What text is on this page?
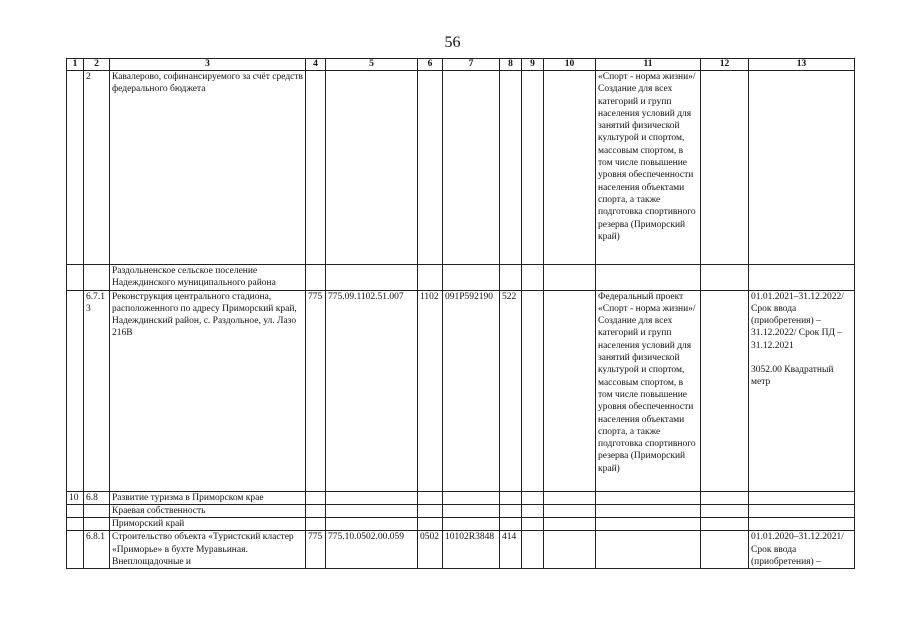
56
1	2	3	4	5	6	7	8	9	10	11	12	13
	2	Кавалерово, софинансируемого за счёт средств федерального бюджета								«Спорт - норма жизни»/Создание для всех категорий и групп населения условий для занятий физической культурой и спортом, массовым спортом, в том числе повышение уровня обеспеченности населения объектами спорта, а также подготовка спортивного резерва (Приморский край)		
		Раздольненское сельское поселение Надеждинского муниципального района										
	6.7.1 3	Реконструкция центрального стадиона, расположенного по адресу Приморский край, Надеждинский район, с. Раздольное, ул. Лазо 216В	775	775.09.1102.51.007	1102	091P592190	522			Федеральный проект «Спорт - норма жизни»/Создание для всех категорий и групп населения условий для занятий физической культурой и спортом, массовым спортом, в том числе повышение уровня обеспеченности населения объектами спорта, а также подготовка спортивного резерва (Приморский край)		01.01.2021–31.12.2022/ Срок ввода (приобретения) – 31.12.2022/ Срок ПД – 31.12.2021
3052.00 Квадратный метр

10	6.8	Развитие туризма в Приморском крае										
		Краевая собственность										
		Приморский край										
	6.8.1	Строительство объекта «Туристский кластер «Приморье» в бухте Муравьиная. Внеплощадочные и	775	775.10.0502.00.059	0502	10102R3848	414					01.01.2020–31.12.2021/ Срок ввода (приобретения) –
